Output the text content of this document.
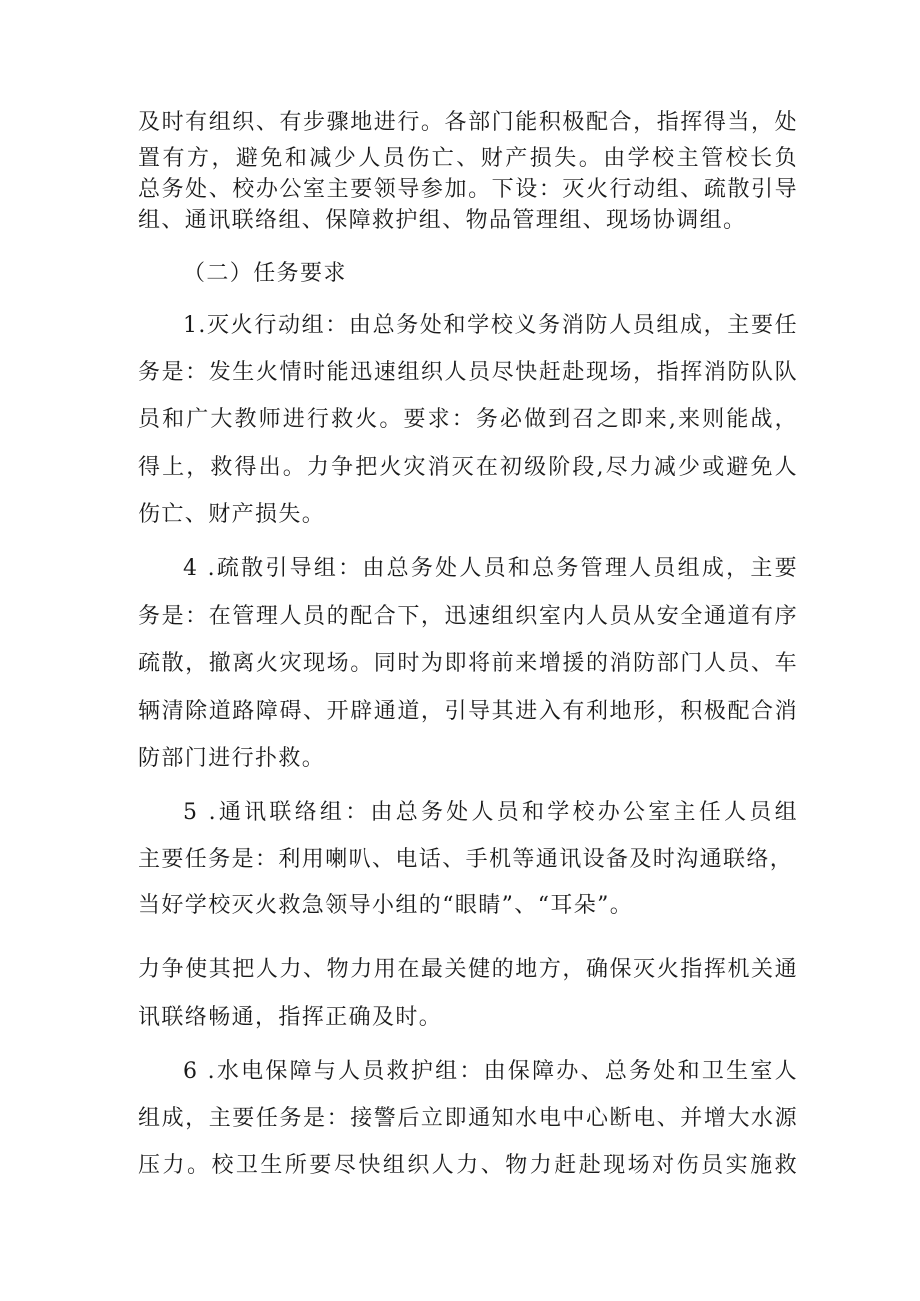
及时有组织、有步骤地进行。各部门能积极配合，指挥得当，处
置有方，避免和减少人员伤亡、财产损失。由学校主管校长负
总务处、校办公室主要领导参加。下设：灭火行动组、疏散引导
组、通讯联络组、保障救护组、物品管理组、现场协调组。
（二）任务要求
1.灭火行动组：由总务处和学校义务消防人员组成，主要任
务是：发生火情时能迅速组织人员尽快赶赴现场，指挥消防队队
员和广大教师进行救火。要求：务必做到召之即来,来则能战，
得上，救得出。力争把火灾消灭在初级阶段,尽力减少或避免人
伤亡、财产损失。
4 .疏散引导组：由总务处人员和总务管理人员组成，主要
务是：在管理人员的配合下，迅速组织室内人员从安全通道有序
疏散，撤离火灾现场。同时为即将前来增援的消防部门人员、车
辆清除道路障碍、开辟通道，引导其进入有利地形，积极配合消
防部门进行扑救。
5 .通讯联络组：由总务处人员和学校办公室主任人员组
主要任务是：利用喇叭、电话、手机等通讯设备及时沟通联络，
当好学校灭火救急领导小组的“眼睛”、“耳朵”。
力争使其把人力、物力用在最关健的地方，确保灭火指挥机关通
讯联络畅通，指挥正确及时。
6 .水电保障与人员救护组：由保障办、总务处和卫生室人
组成，主要任务是：接警后立即通知水电中心断电、并增大水源
压力。校卫生所要尽快组织人力、物力赶赴现场对伤员实施救
